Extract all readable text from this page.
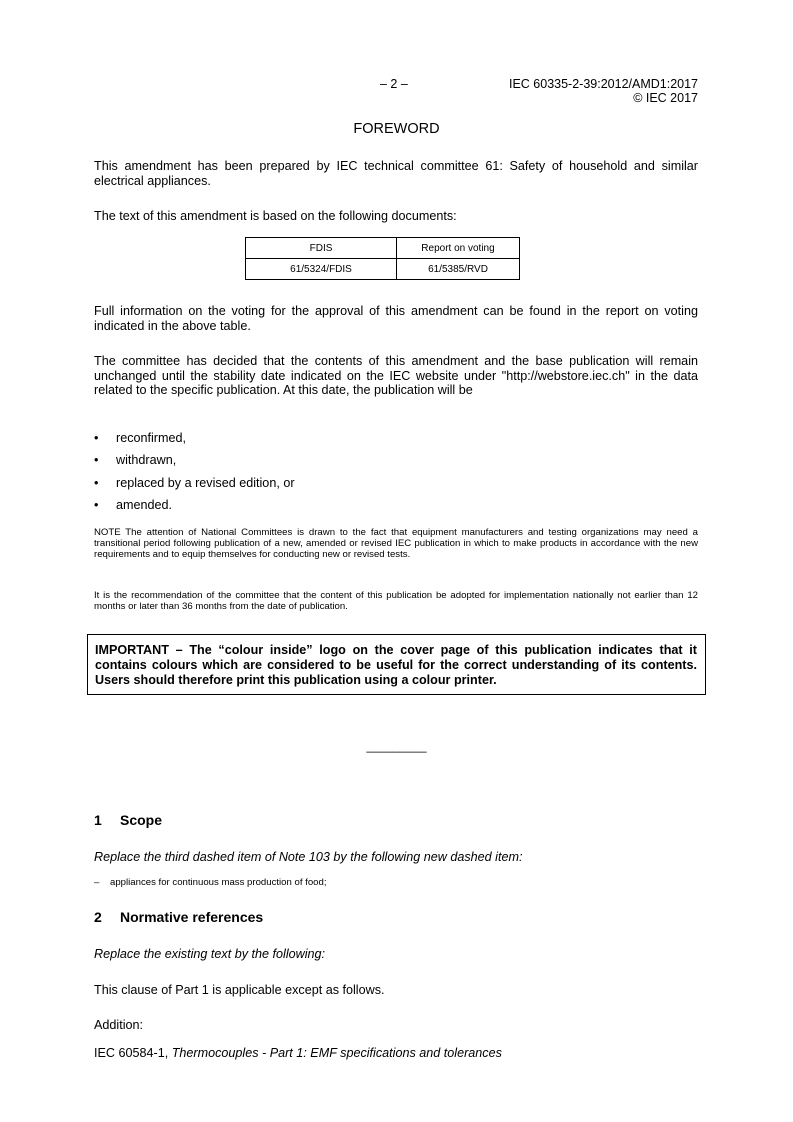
– 2 –	IEC 60335-2-39:2012/AMD1:2017
© IEC 2017
FOREWORD
This amendment has been prepared by IEC technical committee 61: Safety of household and similar electrical appliances.
The text of this amendment is based on the following documents:
FDIS	Report on voting
61/5324/FDIS	61/5385/RVD
Full information on the voting for the approval of this amendment can be found in the report on voting indicated in the above table.
The committee has decided that the contents of this amendment and the base publication will remain unchanged until the stability date indicated on the IEC website under "http://webstore.iec.ch" in the data related to the specific publication. At this date, the publication will be
•	reconfirmed,
•	withdrawn,
•	replaced by a revised edition, or
•	amended.
NOTE The attention of National Committees is drawn to the fact that equipment manufacturers and testing organizations may need a transitional period following publication of a new, amended or revised IEC publication in which to make products in accordance with the new requirements and to equip themselves for conducting new or revised tests.
It is the recommendation of the committee that the content of this publication be adopted for implementation nationally not earlier than 12 months or later than 36 months from the date of publication.
IMPORTANT – The “colour inside” logo on the cover page of this publication indicates that it contains colours which are considered to be useful for the correct understanding of its contents. Users should therefore print this publication using a colour printer.
_________
1 Scope
Replace the third dashed item of Note 103 by the following new dashed item:
–    appliances for continuous mass production of food;
2 Normative references
Replace the existing text by the following:
This clause of Part 1 is applicable except as follows.
Addition:
IEC 60584-1, Thermocouples - Part 1: EMF specifications and tolerances
